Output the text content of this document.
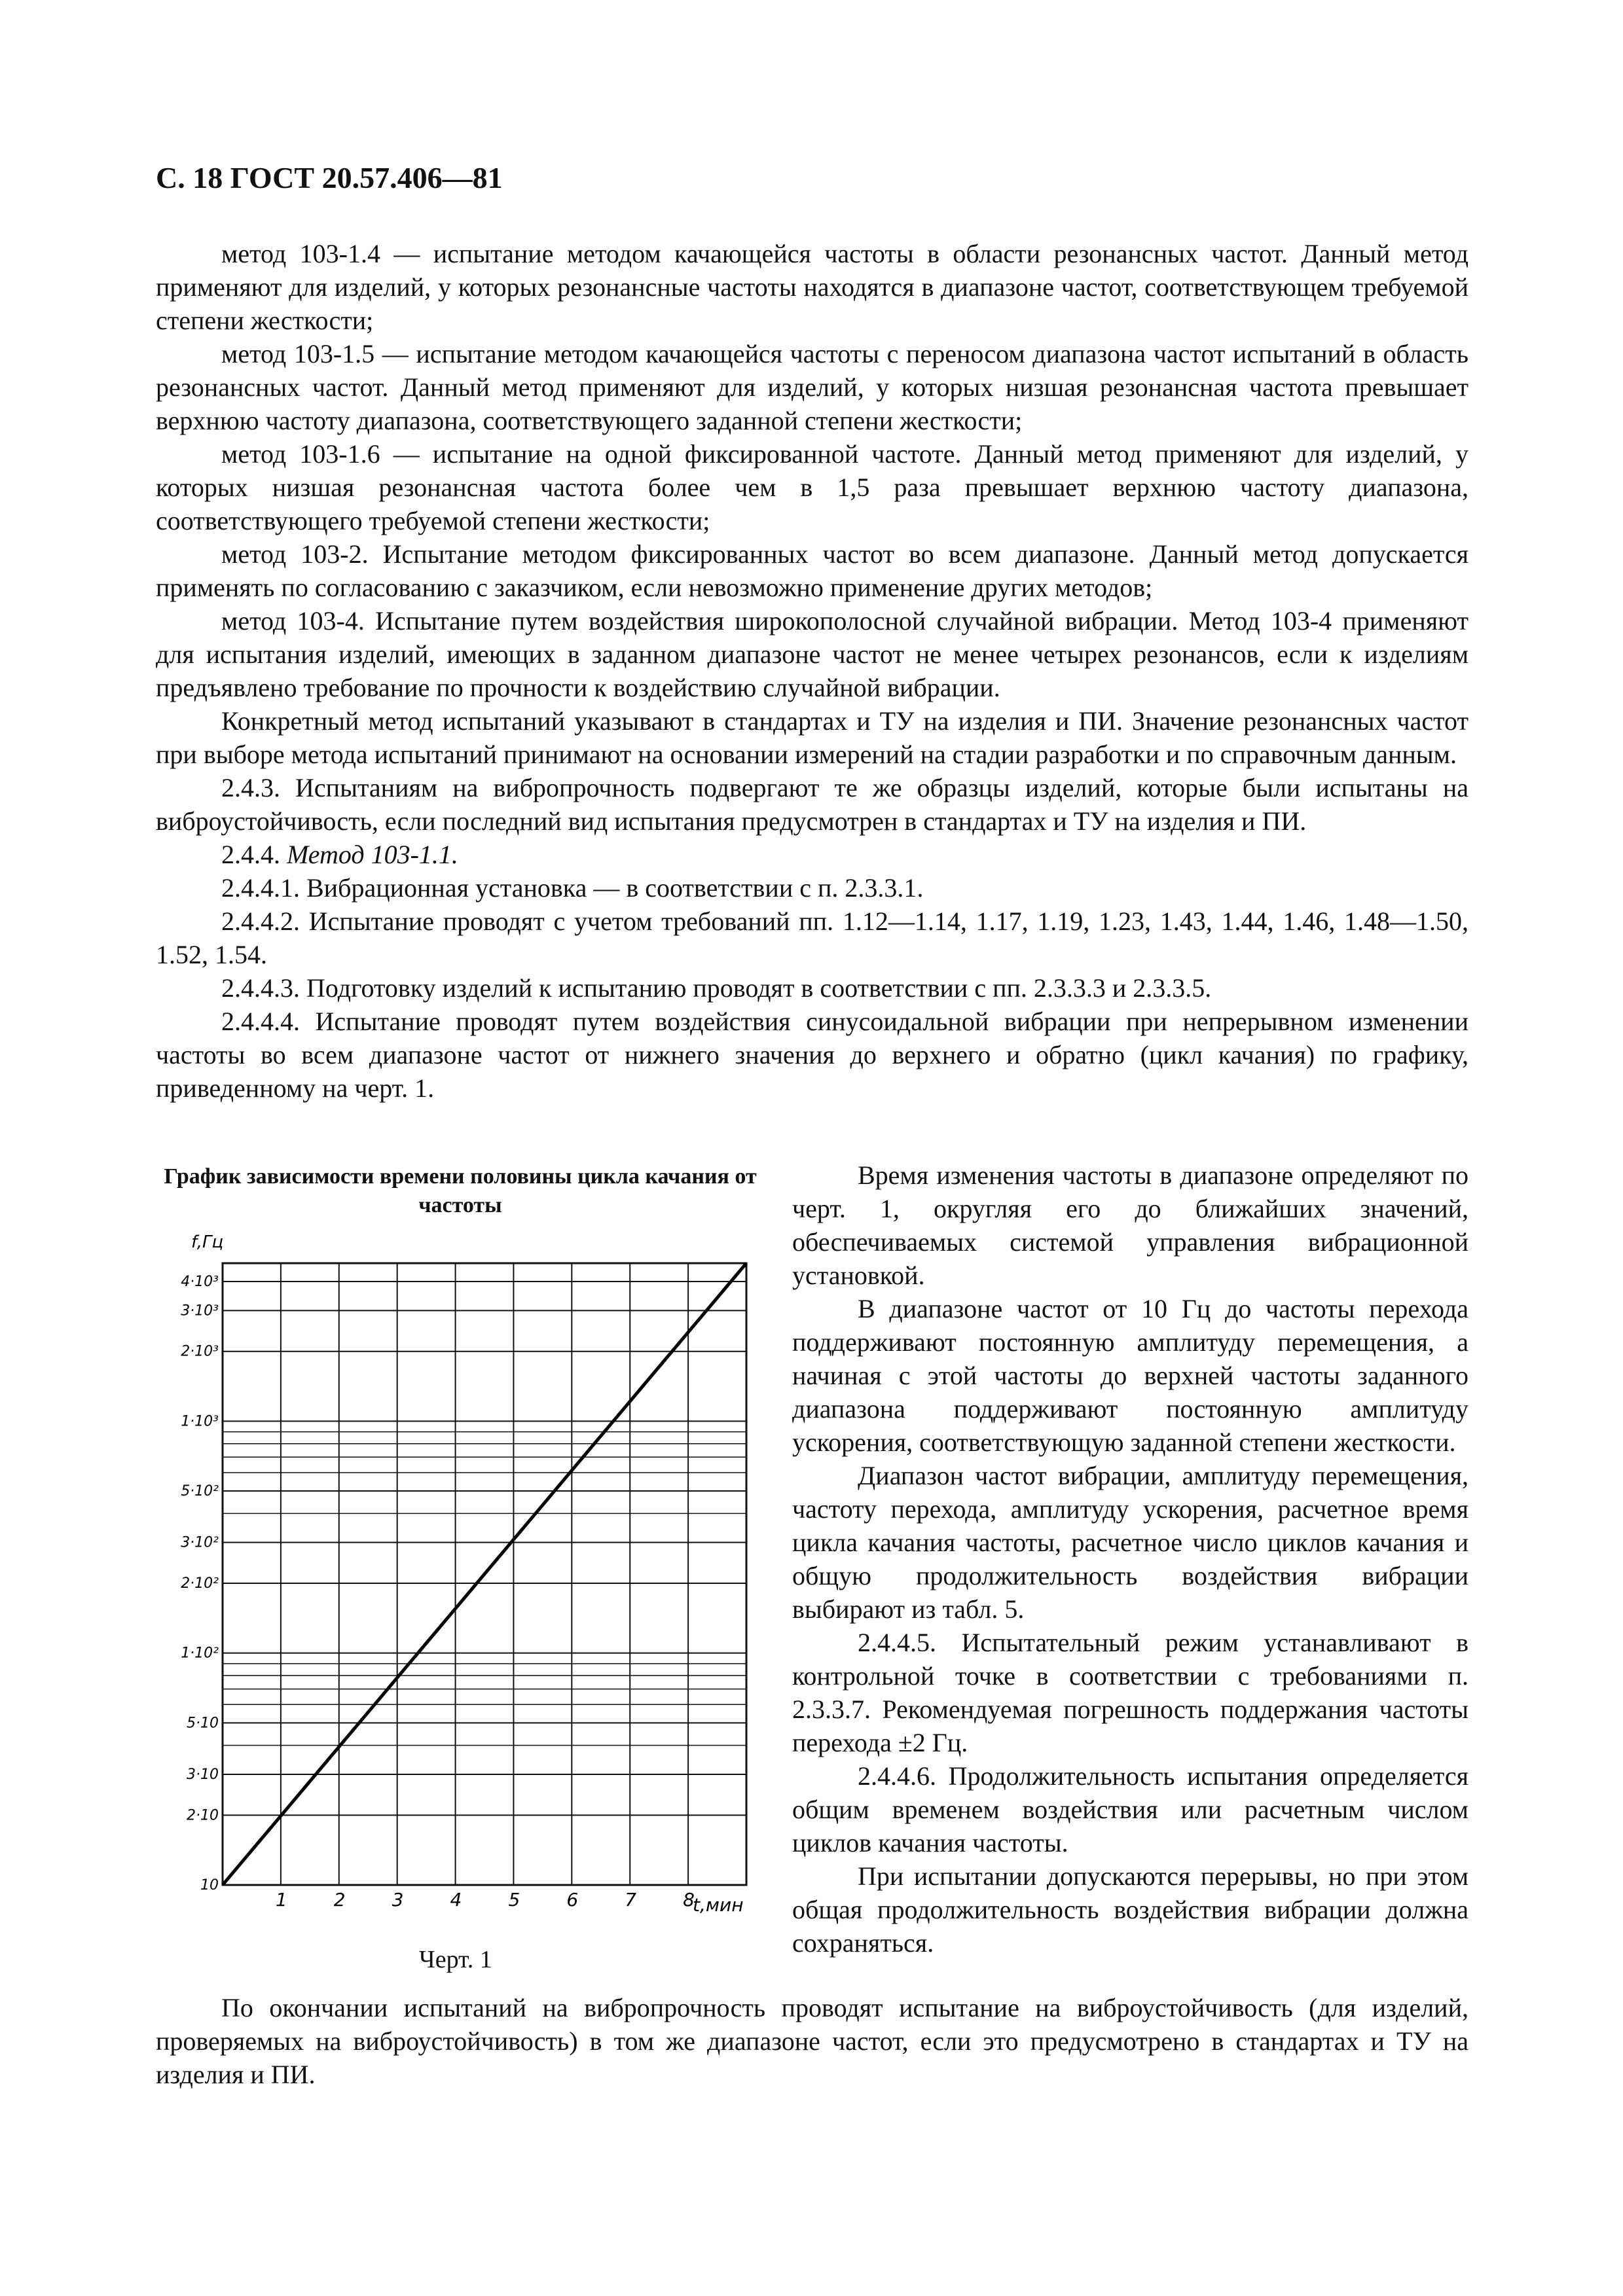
С. 18 ГОСТ 20.57.406—81

метод 103-1.4 — испытание методом качающейся частоты в области резонансных частот. Данный метод применяют для изделий, у которых резонансные частоты находятся в диапазоне частот, соответствующем требуемой степени жесткости;

метод 103-1.5 — испытание методом качающейся частоты с переносом диапазона частот испытаний в область резонансных частот. Данный метод применяют для изделий, у которых низшая резонансная частота превышает верхнюю частоту диапазона, соответствующего заданной степени жесткости;

метод 103-1.6 — испытание на одной фиксированной частоте. Данный метод применяют для изделий, у которых низшая резонансная частота более чем в 1,5 раза превышает верхнюю частоту диапазона, соответствующего требуемой степени жесткости;

метод 103-2. Испытание методом фиксированных частот во всем диапазоне. Данный метод допускается применять по согласованию с заказчиком, если невозможно применение других методов;

метод 103-4. Испытание путем воздействия широкополосной случайной вибрации. Метод 103-4 применяют для испытания изделий, имеющих в заданном диапазоне частот не менее четырех резонансов, если к изделиям предъявлено требование по прочности к воздействию случайной вибрации.

Конкретный метод испытаний указывают в стандартах и ТУ на изделия и ПИ. Значение резонансных частот при выборе метода испытаний принимают на основании измерений на стадии разработки и по справочным данным.

2.4.3. Испытаниям на вибропрочность подвергают те же образцы изделий, которые были испытаны на виброустойчивость, если последний вид испытания предусмотрен в стандартах и ТУ на изделия и ПИ.

2.4.4. Метод 103-1.1.

2.4.4.1. Вибрационная установка — в соответствии с п. 2.3.3.1.

2.4.4.2. Испытание проводят с учетом требований пп. 1.12—1.14, 1.17, 1.19, 1.23, 1.43, 1.44, 1.46, 1.48—1.50, 1.52, 1.54.

2.4.4.3. Подготовку изделий к испытанию проводят в соответствии с пп. 2.3.3.3 и 2.3.3.5.

2.4.4.4. Испытание проводят путем воздействия синусоидальной вибрации при непрерывном изменении частоты во всем диапазоне частот от нижнего значения до верхнего и обратно (цикл качания) по графику, приведенному на черт. 1.

График зависимости времени половины цикла качания от частоты
1	2	3	4	5	6	7	8
10
2·10
3·10
5·10
1·10²
2·10²
3·10²
5·10²
1·10³
2·10³
3·10³
4·10³
f,Гц
t,мин
Черт. 1

Время изменения частоты в диапазоне определяют по черт. 1, округляя его до ближайших значений, обеспечиваемых системой управления вибрационной установкой.

В диапазоне частот от 10 Гц до частоты перехода поддерживают постоянную амплитуду перемещения, а начиная с этой частоты до верхней частоты заданного диапазона поддерживают постоянную амплитуду ускорения, соответствующую заданной степени жесткости.

Диапазон частот вибрации, амплитуду перемещения, частоту перехода, амплитуду ускорения, расчетное время цикла качания частоты, расчетное число циклов качания и общую продолжительность воздействия вибрации выбирают из табл. 5.

2.4.4.5. Испытательный режим устанавливают в контрольной точке в соответствии с требованиями п. 2.3.3.7. Рекомендуемая погрешность поддержания частоты перехода ±2 Гц.

2.4.4.6. Продолжительность испытания определяется общим временем воздействия или расчетным числом циклов качания частоты.

При испытании допускаются перерывы, но при этом общая продолжительность воздействия вибрации должна сохраняться.

По окончании испытаний на вибропрочность проводят испытание на виброустойчивость (для изделий, проверяемых на виброустойчивость) в том же диапазоне частот, если это предусмотрено в стандартах и ТУ на изделия и ПИ.
